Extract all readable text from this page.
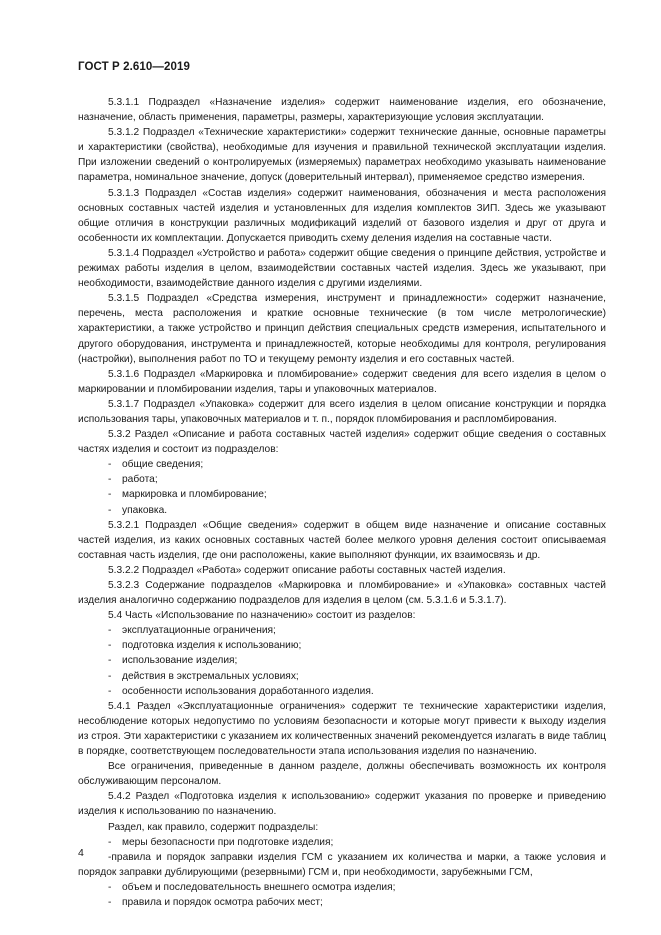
ГОСТ Р 2.610—2019

5.3.1.1 Подраздел «Назначение изделия» содержит наименование изделия, его обозначение, назначение, область применения, параметры, размеры, характеризующие условия эксплуатации.

5.3.1.2 Подраздел «Технические характеристики» содержит технические данные, основные параметры и характеристики (свойства), необходимые для изучения и правильной технической эксплуатации изделия. При изложении сведений о контролируемых (измеряемых) параметрах необходимо указывать наименование параметра, номинальное значение, допуск (доверительный интервал), применяемое средство измерения.

5.3.1.3 Подраздел «Состав изделия» содержит наименования, обозначения и места расположения основных составных частей изделия и установленных для изделия комплектов ЗИП. Здесь же указывают общие отличия в конструкции различных модификаций изделий от базового изделия и друг от друга и особенности их комплектации. Допускается приводить схему деления изделия на составные части.

5.3.1.4 Подраздел «Устройство и работа» содержит общие сведения о принципе действия, устройстве и режимах работы изделия в целом, взаимодействии составных частей изделия. Здесь же указывают, при необходимости, взаимодействие данного изделия с другими изделиями.

5.3.1.5 Подраздел «Средства измерения, инструмент и принадлежности» содержит назначение, перечень, места расположения и краткие основные технические (в том числе метрологические) характеристики, а также устройство и принцип действия специальных средств измерения, испытательного и другого оборудования, инструмента и принадлежностей, которые необходимы для контроля, регулирования (настройки), выполнения работ по ТО и текущему ремонту изделия и его составных частей.

5.3.1.6 Подраздел «Маркировка и пломбирование» содержит сведения для всего изделия в целом о маркировании и пломбировании изделия, тары и упаковочных материалов.

5.3.1.7 Подраздел «Упаковка» содержит для всего изделия в целом описание конструкции и порядка использования тары, упаковочных материалов и т. п., порядок пломбирования и распломбирования.

5.3.2 Раздел «Описание и работа составных частей изделия» содержит общие сведения о составных частях изделия и состоит из подразделов:

- общие сведения;

- работа;

- маркировка и пломбирование;

- упаковка.

5.3.2.1 Подраздел «Общие сведения» содержит в общем виде назначение и описание составных частей изделия, из каких основных составных частей более мелкого уровня деления состоит описываемая составная часть изделия, где они расположены, какие выполняют функции, их взаимосвязь и др.

5.3.2.2 Подраздел «Работа» содержит описание работы составных частей изделия.

5.3.2.3 Содержание подразделов «Маркировка и пломбирование» и «Упаковка» составных частей изделия аналогично содержанию подразделов для изделия в целом (см. 5.3.1.6 и 5.3.1.7).

5.4 Часть «Использование по назначению» состоит из разделов:

- эксплуатационные ограничения;

- подготовка изделия к использованию;

- использование изделия;

- действия в экстремальных условиях;

- особенности использования доработанного изделия.

5.4.1 Раздел «Эксплуатационные ограничения» содержит те технические характеристики изделия, несоблюдение которых недопустимо по условиям безопасности и которые могут привести к выходу изделия из строя. Эти характеристики с указанием их количественных значений рекомендуется излагать в виде таблиц в порядке, соответствующем последовательности этапа использования изделия по назначению.

Все ограничения, приведенные в данном разделе, должны обеспечивать возможность их контроля обслуживающим персоналом.

5.4.2 Раздел «Подготовка изделия к использованию» содержит указания по проверке и приведению изделия к использованию по назначению.

Раздел, как правило, содержит подразделы:

- меры безопасности при подготовке изделия;

-правила и порядок заправки изделия ГСМ с указанием их количества и марки, а также условия и порядок заправки дублирующими (резервными) ГСМ и, при необходимости, зарубежными ГСМ,

- объем и последовательность внешнего осмотра изделия;

- правила и порядок осмотра рабочих мест;

4
